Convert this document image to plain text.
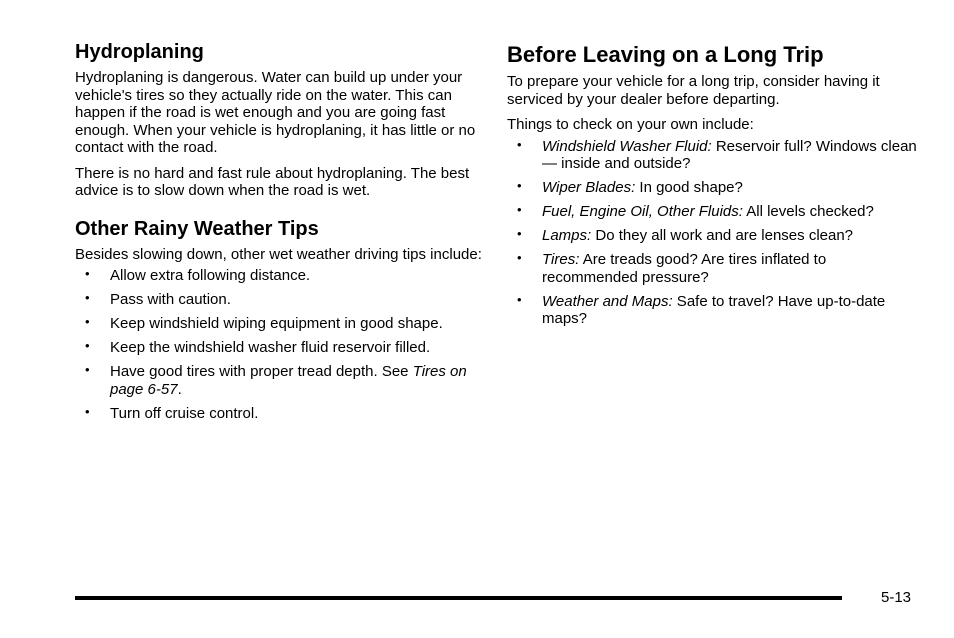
Hydroplaning

Hydroplaning is dangerous. Water can build up under your vehicle's tires so they actually ride on the water. This can happen if the road is wet enough and you are going fast enough. When your vehicle is hydroplaning, it has little or no contact with the road.

There is no hard and fast rule about hydroplaning. The best advice is to slow down when the road is wet.

Other Rainy Weather Tips

Besides slowing down, other wet weather driving tips include:

• Allow extra following distance.
• Pass with caution.
• Keep windshield wiping equipment in good shape.
• Keep the windshield washer fluid reservoir filled.
• Have good tires with proper tread depth. See Tires on page 6-57.
• Turn off cruise control.
Before Leaving on a Long Trip

To prepare your vehicle for a long trip, consider having it serviced by your dealer before departing.

Things to check on your own include:

• Windshield Washer Fluid: Reservoir full? Windows clean — inside and outside?
• Wiper Blades: In good shape?
• Fuel, Engine Oil, Other Fluids: All levels checked?
• Lamps: Do they all work and are lenses clean?
• Tires: Are treads good? Are tires inflated to recommended pressure?
• Weather and Maps: Safe to travel? Have up-to-date maps?
5-13
